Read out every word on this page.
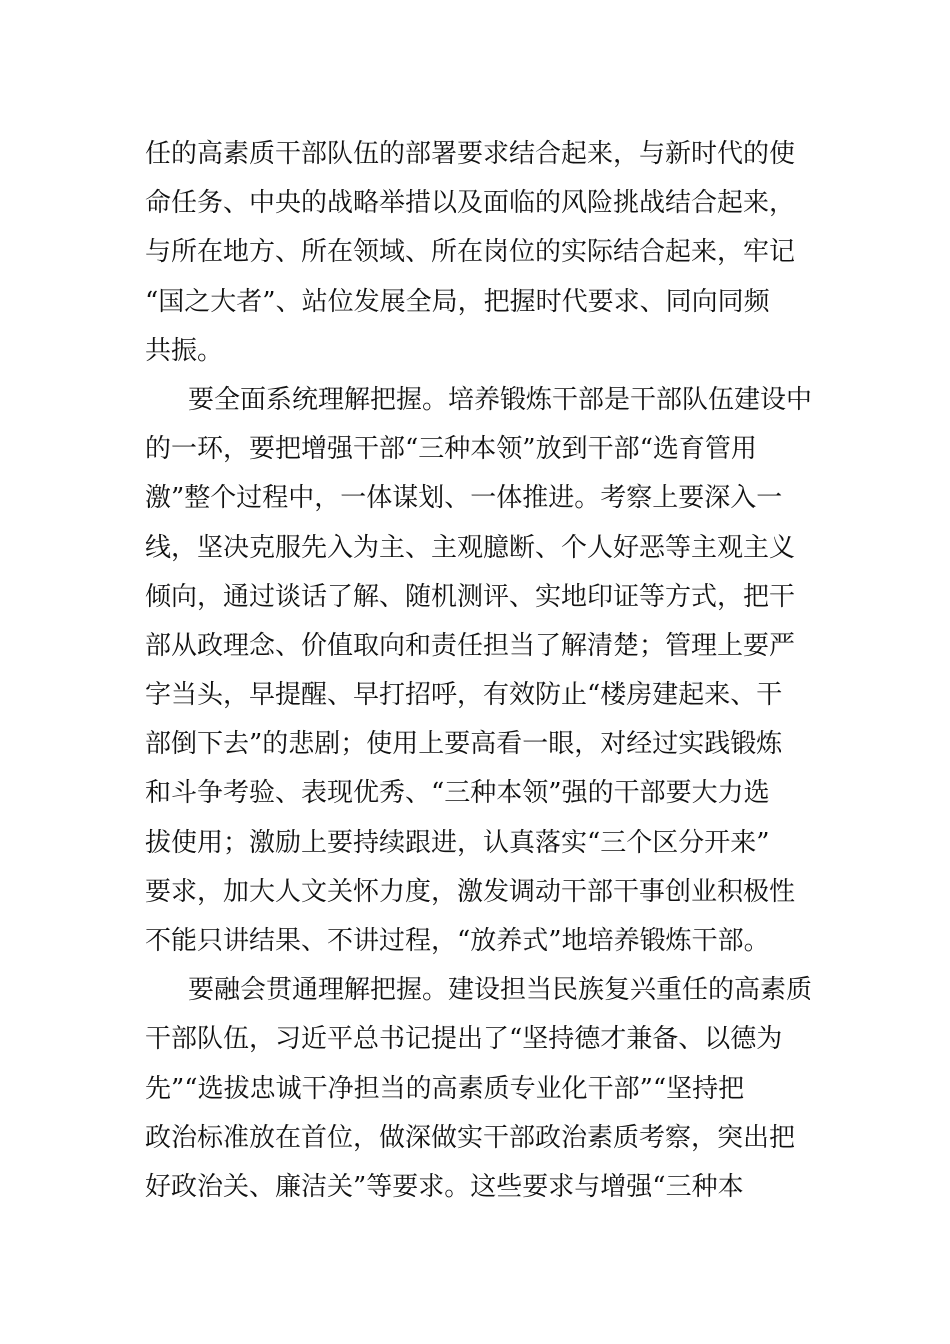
任的高素质干部队伍的部署要求结合起来，与新时代的使
命任务、中央的战略举措以及面临的风险挑战结合起来，
与所在地方、所在领域、所在岗位的实际结合起来，牢记
“国之大者”、站位发展全局，把握时代要求、同向同频
共振。
要全面系统理解把握。培养锻炼干部是干部队伍建设中
的一环，要把增强干部“三种本领”放到干部“选育管用
激”整个过程中，一体谋划、一体推进。考察上要深入一
线，坚决克服先入为主、主观臆断、个人好恶等主观主义
倾向，通过谈话了解、随机测评、实地印证等方式，把干
部从政理念、价值取向和责任担当了解清楚；管理上要严
字当头，早提醒、早打招呼，有效防止“楼房建起来、干
部倒下去”的悲剧；使用上要高看一眼，对经过实践锻炼
和斗争考验、表现优秀、“三种本领”强的干部要大力选
拔使用；激励上要持续跟进，认真落实“三个区分开来”
要求，加大人文关怀力度，激发调动干部干事创业积极性
不能只讲结果、不讲过程，“放养式”地培养锻炼干部。
要融会贯通理解把握。建设担当民族复兴重任的高素质
干部队伍，习近平总书记提出了“坚持德才兼备、以德为
先”“选拔忠诚干净担当的高素质专业化干部”“坚持把
政治标准放在首位，做深做实干部政治素质考察，突出把
好政治关、廉洁关”等要求。这些要求与增强“三种本
